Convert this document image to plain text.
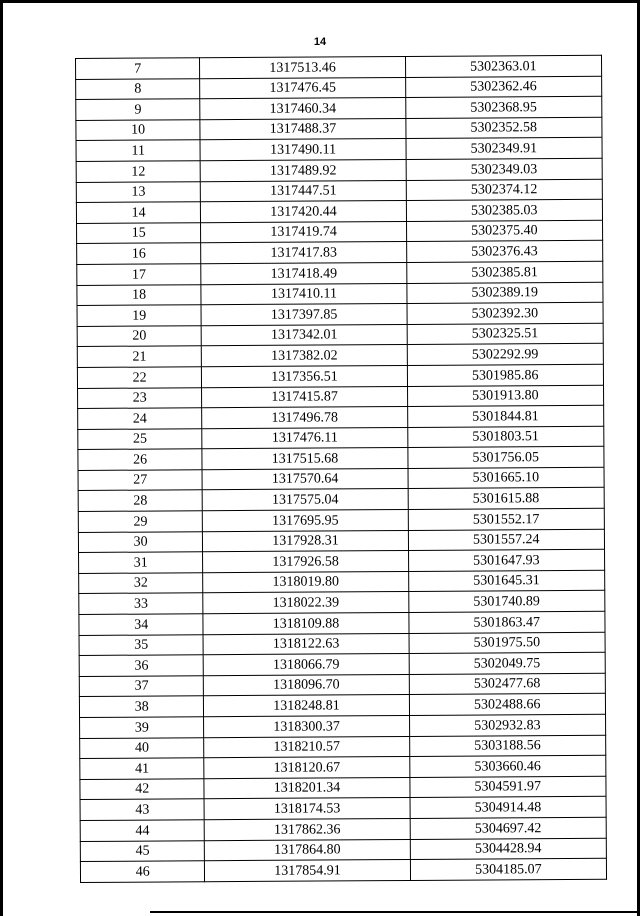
14
7	1317513.46	5302363.01
8	1317476.45	5302362.46
9	1317460.34	5302368.95
10	1317488.37	5302352.58
11	1317490.11	5302349.91
12	1317489.92	5302349.03
13	1317447.51	5302374.12
14	1317420.44	5302385.03
15	1317419.74	5302375.40
16	1317417.83	5302376.43
17	1317418.49	5302385.81
18	1317410.11	5302389.19
19	1317397.85	5302392.30
20	1317342.01	5302325.51
21	1317382.02	5302292.99
22	1317356.51	5301985.86
23	1317415.87	5301913.80
24	1317496.78	5301844.81
25	1317476.11	5301803.51
26	1317515.68	5301756.05
27	1317570.64	5301665.10
28	1317575.04	5301615.88
29	1317695.95	5301552.17
30	1317928.31	5301557.24
31	1317926.58	5301647.93
32	1318019.80	5301645.31
33	1318022.39	5301740.89
34	1318109.88	5301863.47
35	1318122.63	5301975.50
36	1318066.79	5302049.75
37	1318096.70	5302477.68
38	1318248.81	5302488.66
39	1318300.37	5302932.83
40	1318210.57	5303188.56
41	1318120.67	5303660.46
42	1318201.34	5304591.97
43	1318174.53	5304914.48
44	1317862.36	5304697.42
45	1317864.80	5304428.94
46	1317854.91	5304185.07
